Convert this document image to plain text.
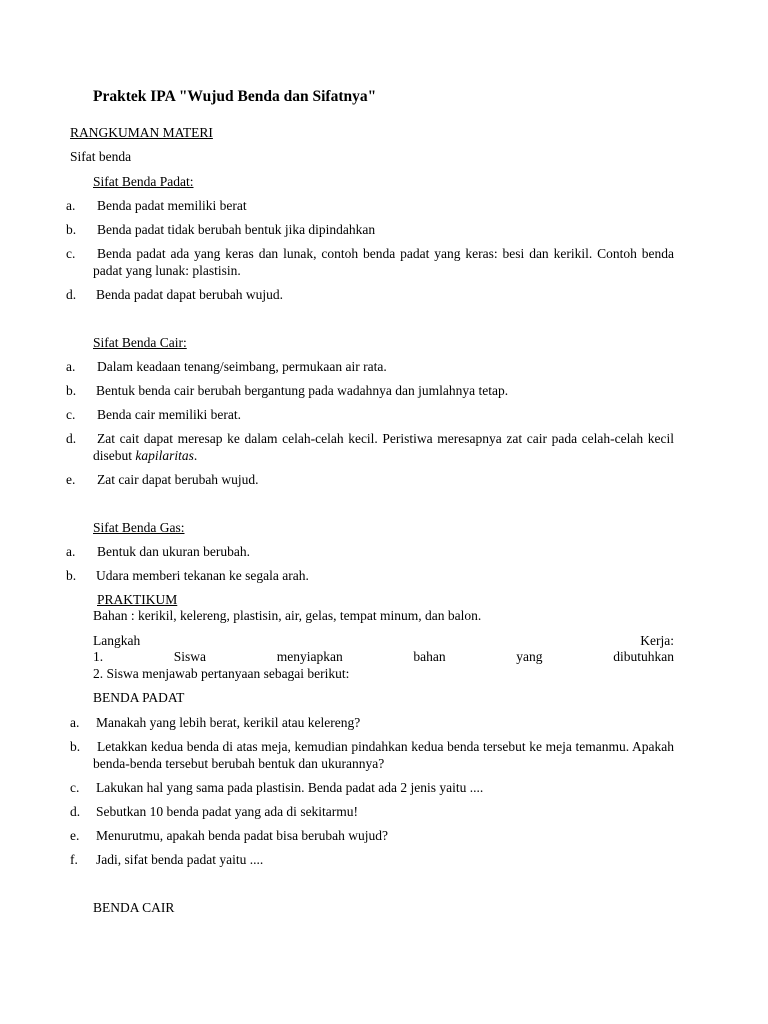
Praktek IPA "Wujud Benda dan Sifatnya"
RANGKUMAN MATERI
Sifat benda
Sifat Benda Padat:
a. Benda padat memiliki berat
b. Benda padat tidak berubah bentuk jika dipindahkan
c. Benda padat ada yang keras dan lunak, contoh benda padat yang keras: besi dan kerikil. Contoh benda padat yang lunak: plastisin.
d. Benda padat dapat berubah wujud.
Sifat Benda Cair:
a. Dalam keadaan tenang/seimbang, permukaan air rata.
b. Bentuk benda cair berubah bergantung pada wadahnya dan jumlahnya tetap.
c. Benda cair memiliki berat.
d. Zat cait dapat meresap ke dalam celah-celah kecil. Peristiwa meresapnya zat cair pada celah-celah kecil disebut kapilaritas.
e. Zat cair dapat berubah wujud.
Sifat Benda Gas:
a. Bentuk dan ukuran berubah.
b. Udara memberi tekanan ke segala arah.
PRAKTIKUM
Bahan : kerikil, kelereng, plastisin, air, gelas, tempat minum, dan balon.
Langkah	Kerja:
1.	Siswa	menyiapkan	bahan	yang	dibutuhkan
2. Siswa menjawab pertanyaan sebagai berikut:
BENDA PADAT
a. Manakah yang lebih berat, kerikil atau kelereng?
b. Letakkan kedua benda di atas meja, kemudian pindahkan kedua benda tersebut ke meja temanmu. Apakah benda-benda tersebut berubah bentuk dan ukurannya?
c. Lakukan hal yang sama pada plastisin. Benda padat ada 2 jenis yaitu ....
d. Sebutkan 10 benda padat yang ada di sekitarmu!
e. Menurutmu, apakah benda padat bisa berubah wujud?
f. Jadi, sifat benda padat yaitu ....
BENDA CAIR
